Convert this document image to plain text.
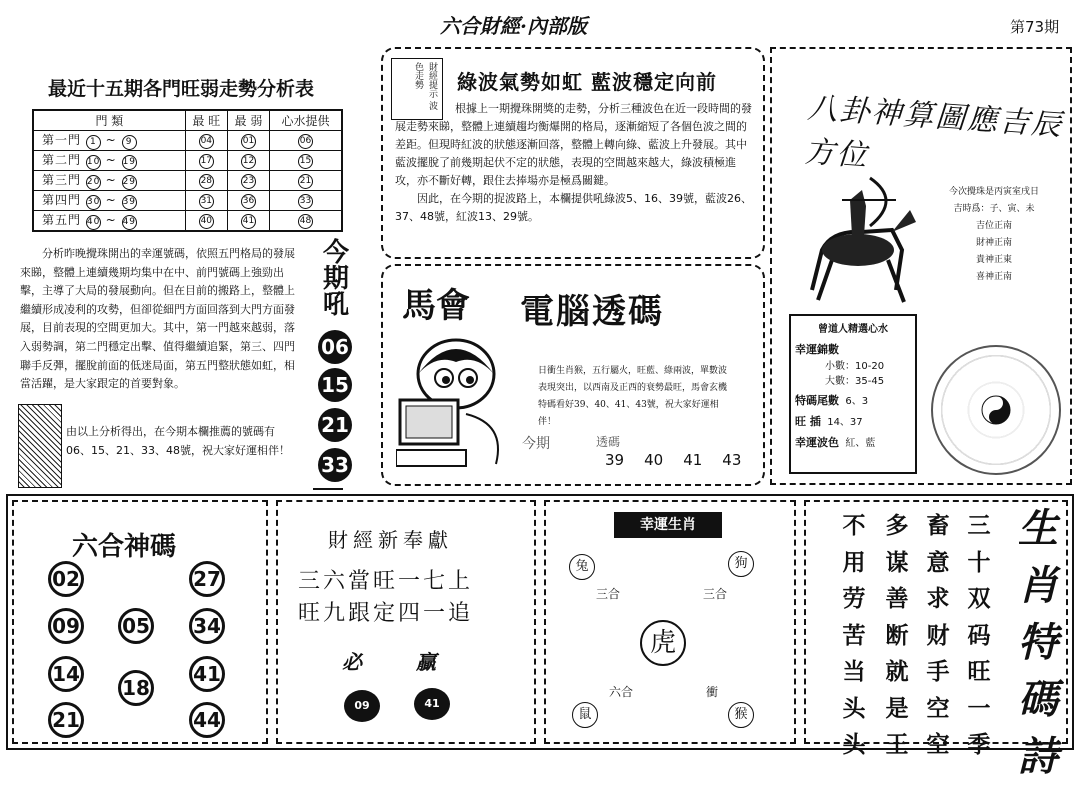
六合財經·內部版	第73期
最近十五期各門旺弱走勢分析表
門 類	最 旺	最 弱	心水提供
第一門 1 ~ 9	04	01	06
第二門 10 ~ 19	17	12	15
第三門 20 ~ 29	28	23	21
第四門 30 ~ 39	31	36	33
第五門 40 ~ 49	40	41	48
分析昨晚攪珠開出的幸運號碼，依照五門格局的發展來睇，整體上連續幾期均集中在中、前門號碼上強勁出擊，主導了大局的發展動向。但在目前的搬路上，整體上繼續形成凌利的攻勢，但卻從細門方面回落到大門方面發展，目前表現的空間更加大。其中，第一門越來越弱，落入弱勢調，第二門穩定出擊、值得繼續追緊，第三、四門聯手反彈，擺脫前面的低迷局面，第五門整狀態如虹，相當活躍，是大家跟定的首要對象。
由以上分析得出，在今期本欄推薦的號碼有06、15、21、33、48號，祝大家好運相伴！
今期吼
06
15
21
33
財經提示 波色走勢	綠波氣勢如虹 藍波穩定向前

根據上一期攪珠開獎的走勢，分析三種波色在近一段時間的發展走勢來睇，整體上連續趨均衡爆開的格局，逐漸縮短了各個色波之間的差距。但現時紅波的狀態逐漸回落，整體上轉向綠、藍波上升發展。其中藍波擺脫了前幾期起伏不定的狀態，表現的空間越來越大，綠波積極進攻，亦不斷好轉，跟住去捧場亦是極爲關鍵。

因此，在今期的捉波路上，本欄提供吼綠波5、16、39號，藍波26、37、48號，紅波13、29號。

馬會 電腦透碼
日衝生肖猴，五行屬火，旺藍、綠兩波，單數波表現突出，以西南及正西的衰勢最旺，馬會玄機特碼看好39、40、41、43號，祝大家好運相伴！
今期	透碼
39 40 41 43
八卦神算圖應吉辰方位
今次攪珠是丙寅室戌日
吉時爲：子、寅、未
吉位正南
財神正南
貴神正東
喜神正南
曾道人精選心水
幸運錦數
小數：10-20
大數：35-45
特碼尾數 6、3
旺 插 14、37
幸運波色 紅、藍
六合神碼
02	27
09 05 34
14	41
18
21	44
財經新奉獻
三六當旺一七上
旺九跟定四一追
必	贏
09	41
幸運生肖
虎
兔	狗
鼠	猴
三合	三合
六合	衝
三十双码旺一季
畜意求财手空空
多谋善断就是王
不用劳苦当头头
生肖特碼詩
